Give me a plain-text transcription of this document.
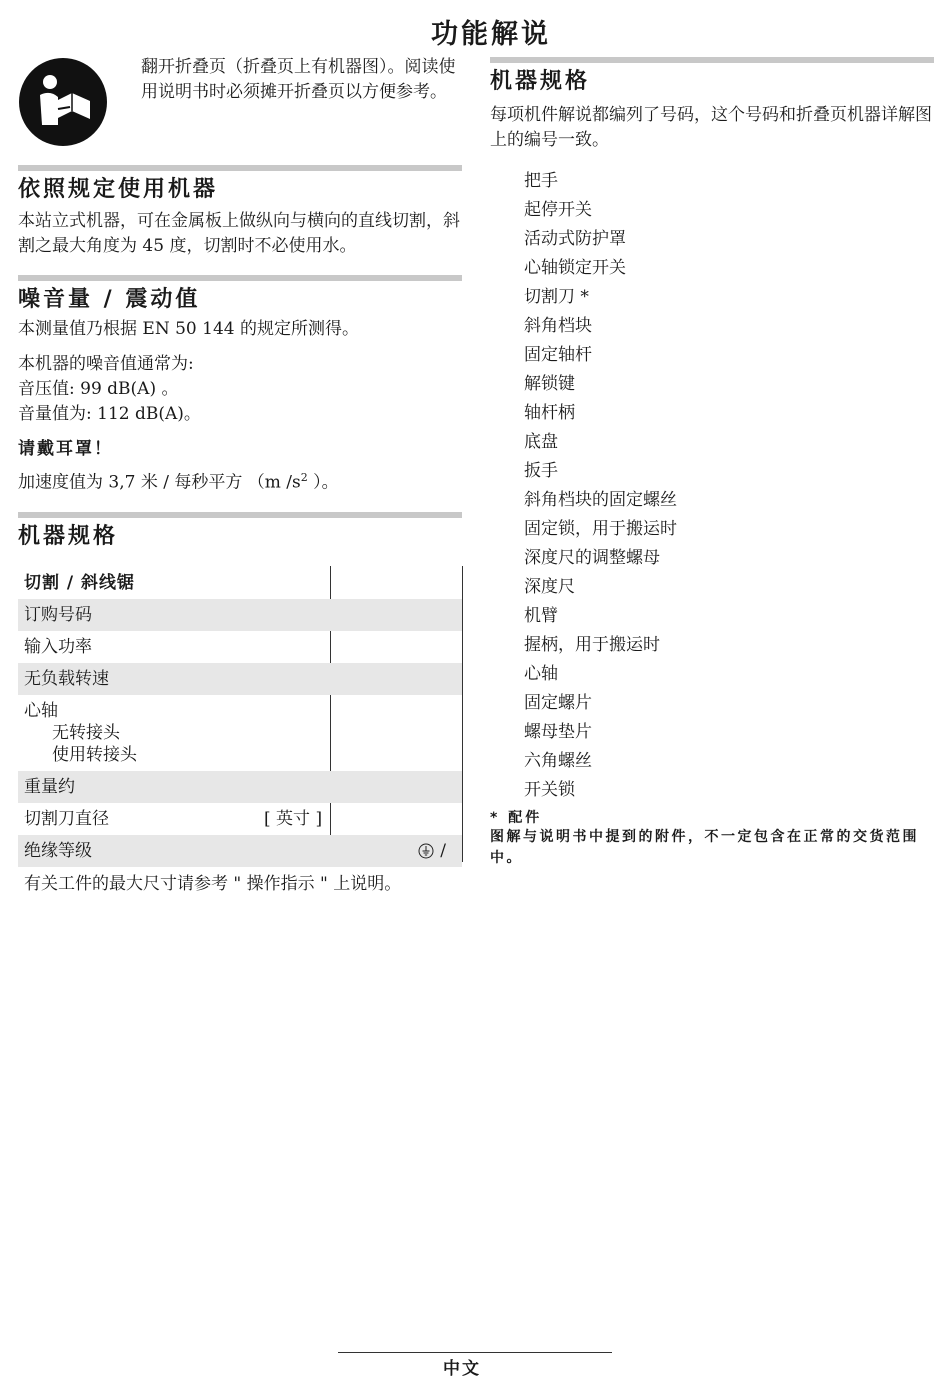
功能解说
翻开折叠页（折叠页上有机器图）。阅读使用说明书时必须摊开折叠页以方便参考。
依照规定使用机器

本站立式机器，可在金属板上做纵向与横向的直线切割，斜割之最大角度为 45 度，切割时不必使用水。

噪音量 / 震动值

本测量值乃根据 EN 50 144 的规定所测得。

本机器的噪音值通常为:

音压值: 99 dB(A) 。

音量值为: 112 dB(A)。

请戴耳罩！

加速度值为 3,7 米 / 每秒平方 （m $/s^2$ ）。

机器规格
切割 / 斜线锯
订购号码
输入功率
无负载转速
心轴
无转接头
使用转接头
重量约
切割刀直径	[ 英寸 ]
绝缘等级	/
有关工件的最大尺寸请参考 " 操作指示 " 上说明。
机器规格

每项机件解说都编列了号码，这个号码和折叠页机器详解图上的编号一致。

把手
起停开关
活动式防护罩
心轴锁定开关
切割刀 *
斜角档块
固定轴杆
解锁键
轴杆柄
底盘
扳手
斜角档块的固定螺丝
固定锁，用于搬运时
深度尺的调整螺母
深度尺
机臂
握柄，用于搬运时
心轴
固定螺片
螺母垫片
六角螺丝
开关锁
* 配件
图解与说明书中提到的附件，不一定包含在正常的交货范围中。
中文
